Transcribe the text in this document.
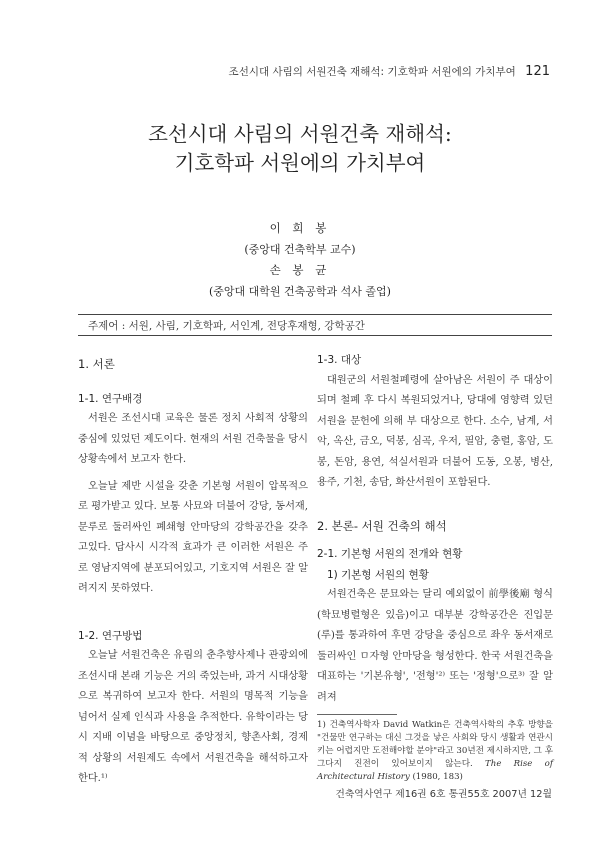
조선시대 사림의 서원건축 재해석: 기호학파 서원에의 가치부여 121
조선시대 사림의 서원건축 재해석:
기호학파 서원에의 가치부여
이 희 봉
(중앙대 건축학부 교수)
손 봉 균
(중앙대 대학원 건축공학과 석사 졸업)
주제어 : 서원, 사림, 기호학파, 서인계, 전당후재형, 강학공간
1. 서론
1-1. 연구배경

서원은 조선시대 교육은 물론 정치 사회적 상황의 중심에 있었던 제도이다. 현재의 서원 건축물을 당시 상황속에서 보고자 한다.

오늘날 제반 시설을 갖춘 기본형 서원이 압목적으로 평가받고 있다. 보통 사묘와 더불어 강당, 동서재, 문루로 둘러싸인 폐쇄형 안마당의 강학공간을 갖추고있다. 답사시 시각적 효과가 큰 이러한 서원은 주로 영남지역에 분포되어있고, 기호지역 서원은 잘 알려지지 못하였다.

1-2. 연구방법

오늘날 서원건축은 유림의 춘추향사제나 관광외에 조선시대 본래 기능은 거의 죽었는바, 과거 시대상황으로 복귀하여 보고자 한다. 서원의 명목적 기능을 넘어서 실제 인식과 사용을 추적한다. 유학이라는 당시 지배 이념을 바탕으로 중앙정치, 향촌사회, 경제적 상황의 서원제도 속에서 서원건축을 해석하고자 한다.¹⁾

1-3. 대상

대원군의 서원철폐령에 살아남은 서원이 주 대상이 되며 철폐 후 다시 복원되었거나, 당대에 영향력 있던 서원을 문헌에 의해 부 대상으로 한다. 소수, 남계, 서악, 옥산, 금오, 덕봉, 심곡, 우저, 필암, 충렬, 홍암, 도봉, 돈암, 용연, 석실서원과 더불어 도동, 오봉, 병산, 용주, 기천, 송담, 화산서원이 포함된다.

2. 본론- 서원 건축의 해석
2-1. 기본형 서원의 전개와 현황
1) 기본형 서원의 현황

서원건축은 문묘와는 달리 예외없이 前學後廟 형식(학묘병렬형은 있음)이고 대부분 강학공간은 진입문(루)를 통과하여 후면 강당을 중심으로 좌우 동서재로 둘러싸인 ㅁ자형 안마당을 형성한다. 한국 서원건축을 대표하는 '기본유형', '전형'²⁾ 또는 '정형'으로³⁾ 잘 알려져

1) 건축역사학자 David Watkin은 건축역사학의 추후 방향을 "건물만 연구하는 대신 그것을 낳은 사회와 당시 생활과 연관시키는 어렵지만 도전해야할 분야"라고 30년전 제시하지만, 그 후 그다지 진전이 있어보이지 않는다. The Rise of Architectural History (1980, 183)
건축역사연구 제16권 6호 통권55호 2007년 12월
